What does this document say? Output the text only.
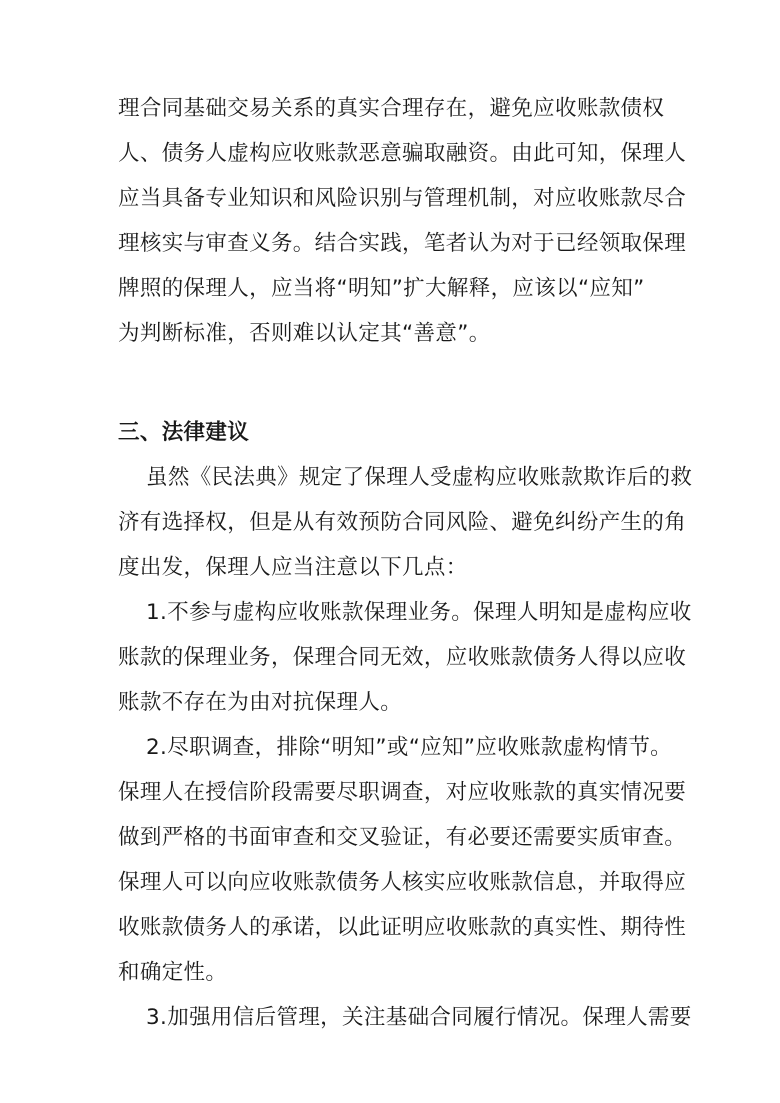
理合同基础交易关系的真实合理存在，避免应收账款债权
人、债务人虚构应收账款恶意骗取融资。由此可知，保理人
应当具备专业知识和风险识别与管理机制，对应收账款尽合
理核实与审查义务。结合实践，笔者认为对于已经领取保理
牌照的保理人，应当将“明知”扩大解释，应该以“应知”
为判断标准，否则难以认定其“善意”。
三、法律建议
虽然《民法典》规定了保理人受虚构应收账款欺诈后的救
济有选择权，但是从有效预防合同风险、避免纠纷产生的角
度出发，保理人应当注意以下几点：
1.不参与虚构应收账款保理业务。保理人明知是虚构应收
账款的保理业务，保理合同无效，应收账款债务人得以应收
账款不存在为由对抗保理人。
2.尽职调查，排除“明知”或“应知”应收账款虚构情节。
保理人在授信阶段需要尽职调查，对应收账款的真实情况要
做到严格的书面审查和交叉验证，有必要还需要实质审查。
保理人可以向应收账款债务人核实应收账款信息，并取得应
收账款债务人的承诺，以此证明应收账款的真实性、期待性
和确定性。
3.加强用信后管理，关注基础合同履行情况。保理人需要
